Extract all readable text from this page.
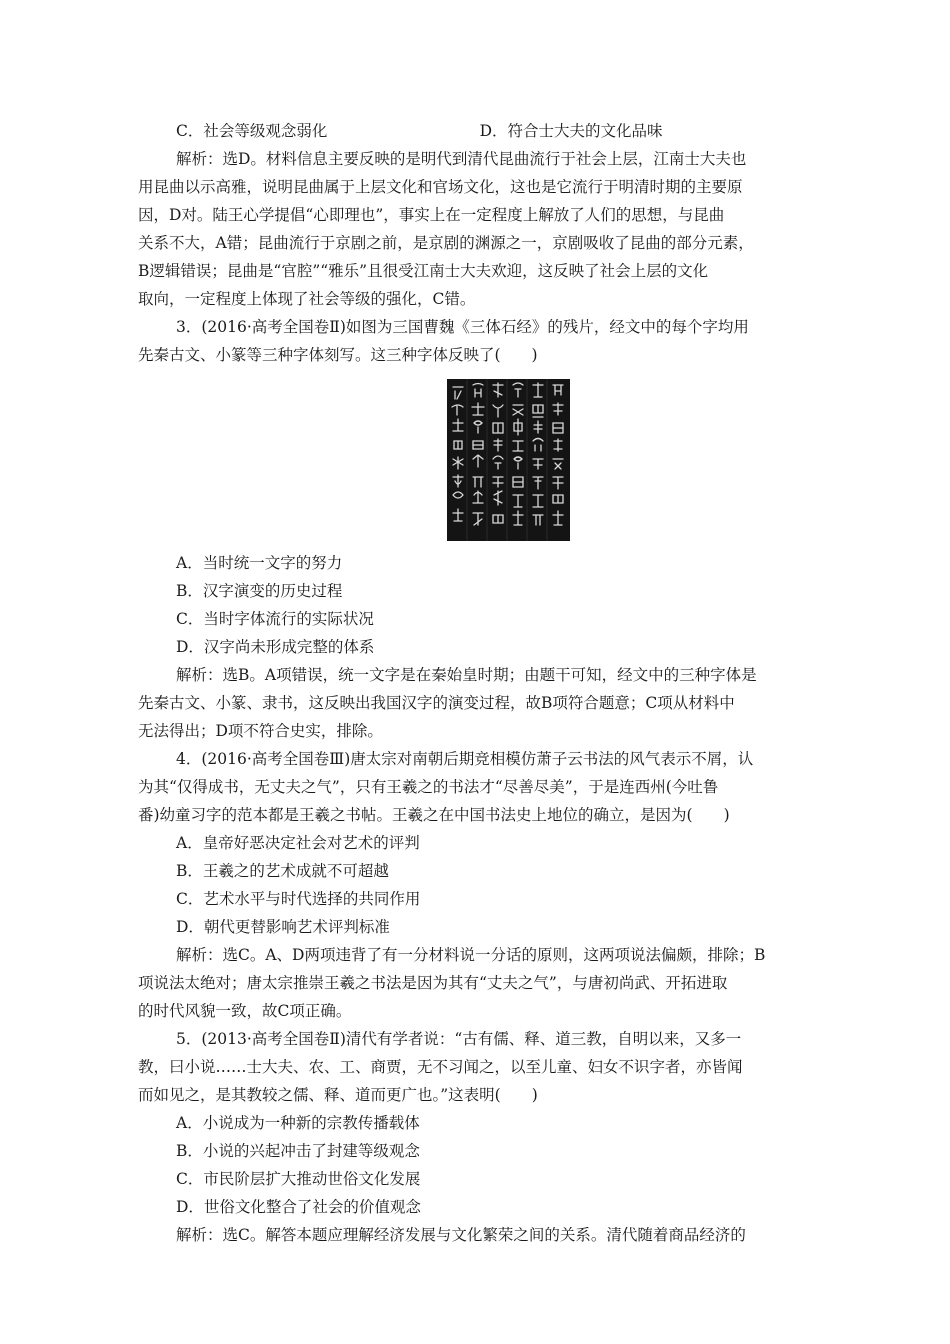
C．社会等级观念弱化	D．符合士大夫的文化品味
解析：选D。材料信息主要反映的是明代到清代昆曲流行于社会上层，江南士大夫也
用昆曲以示高雅，说明昆曲属于上层文化和官场文化，这也是它流行于明清时期的主要原
因，D对。陆王心学提倡“心即理也”，事实上在一定程度上解放了人们的思想，与昆曲
关系不大，A错；昆曲流行于京剧之前，是京剧的渊源之一，京剧吸收了昆曲的部分元素，
B逻辑错误；昆曲是“官腔”“雅乐”且很受江南士大夫欢迎，这反映了社会上层的文化
取向，一定程度上体现了社会等级的强化，C错。
3．(2016·高考全国卷Ⅱ)如图为三国曹魏《三体石经》的残片，经文中的每个字均用
先秦古文、小篆等三种字体刻写。这三种字体反映了(　　)
A．当时统一文字的努力
B．汉字演变的历史过程
C．当时字体流行的实际状况
D．汉字尚未形成完整的体系
解析：选B。A项错误，统一文字是在秦始皇时期；由题干可知，经文中的三种字体是
先秦古文、小篆、隶书，这反映出我国汉字的演变过程，故B项符合题意；C项从材料中
无法得出；D项不符合史实，排除。
4．(2016·高考全国卷Ⅲ)唐太宗对南朝后期竞相模仿萧子云书法的风气表示不屑，认
为其“仅得成书，无丈夫之气”，只有王羲之的书法才“尽善尽美”，于是连西州(今吐鲁
番)幼童习字的范本都是王羲之书帖。王羲之在中国书法史上地位的确立，是因为(　　)
A．皇帝好恶决定社会对艺术的评判
B．王羲之的艺术成就不可超越
C．艺术水平与时代选择的共同作用
D．朝代更替影响艺术评判标准
解析：选C。A、D两项违背了有一分材料说一分话的原则，这两项说法偏颇，排除；B
项说法太绝对；唐太宗推崇王羲之书法是因为其有“丈夫之气”，与唐初尚武、开拓进取
的时代风貌一致，故C项正确。
5．(2013·高考全国卷Ⅱ)清代有学者说：“古有儒、释、道三教，自明以来，又多一
教，曰小说……士大夫、农、工、商贾，无不习闻之，以至儿童、妇女不识字者，亦皆闻
而如见之，是其教较之儒、释、道而更广也。”这表明(　　)
A．小说成为一种新的宗教传播载体
B．小说的兴起冲击了封建等级观念
C．市民阶层扩大推动世俗文化发展
D．世俗文化整合了社会的价值观念
解析：选C。解答本题应理解经济发展与文化繁荣之间的关系。清代随着商品经济的
